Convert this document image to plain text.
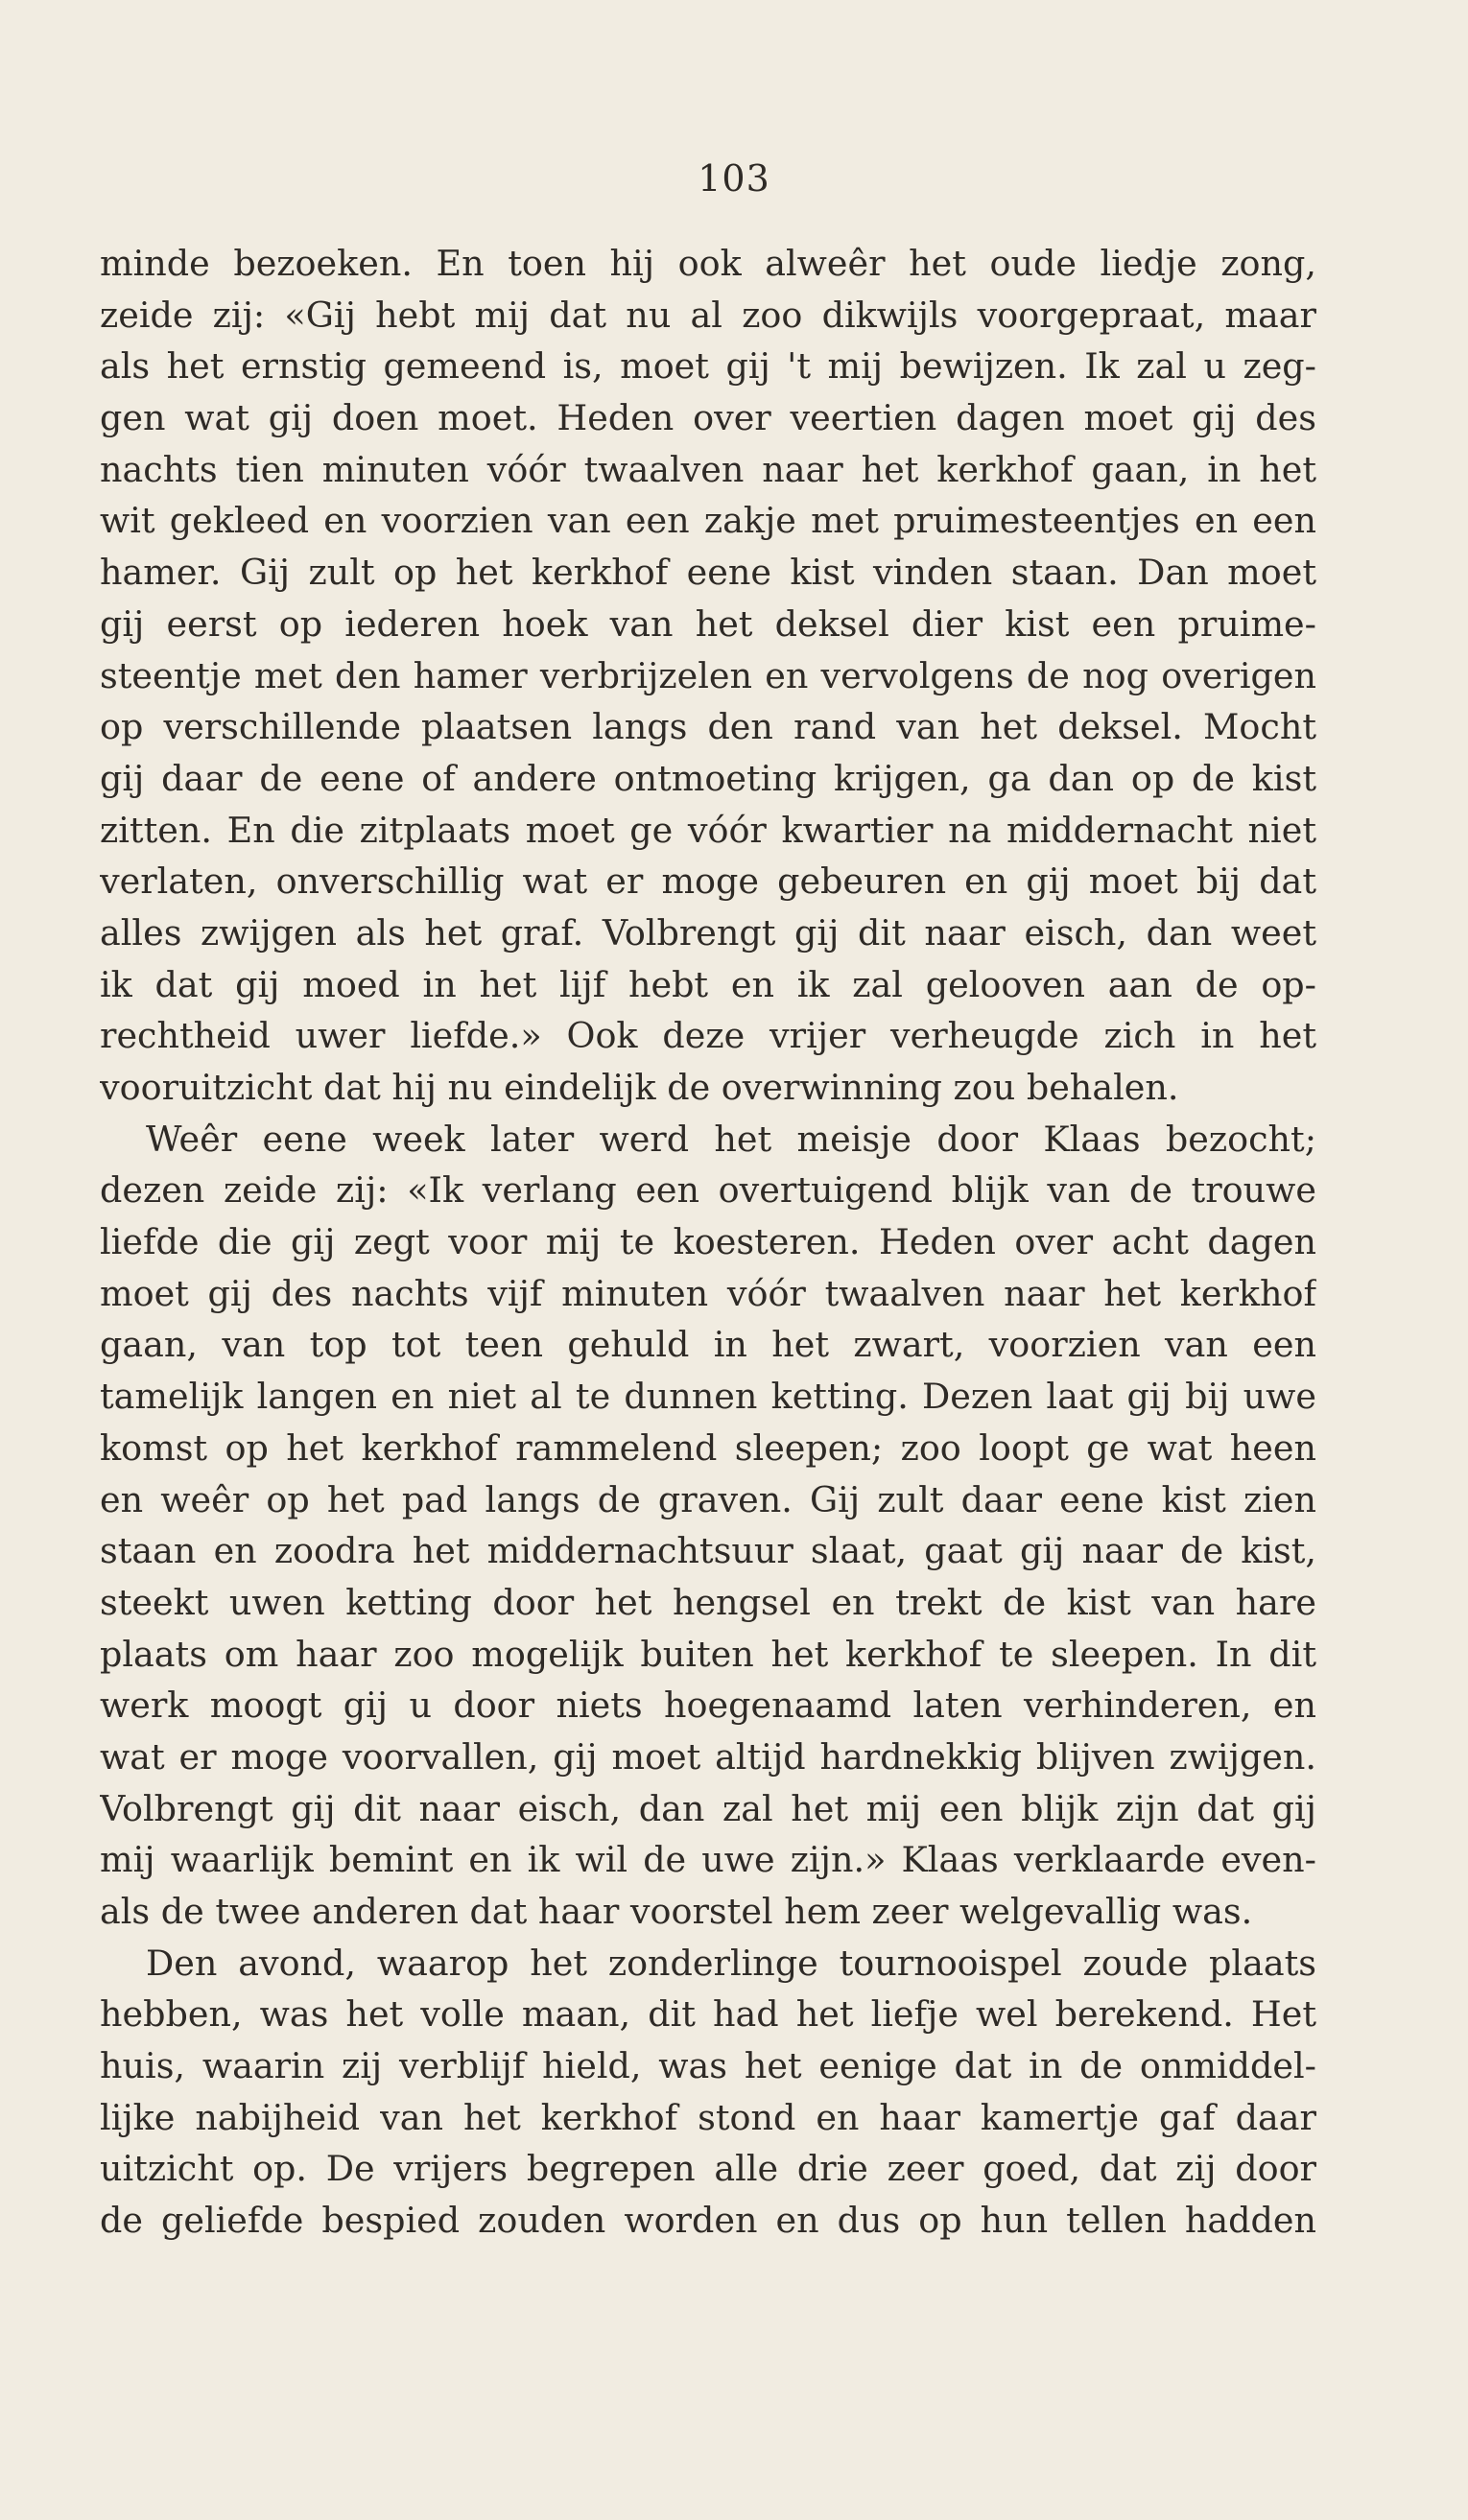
103
minde bezoeken. En toen hij ook alweêr het oude liedje zong,
zeide zij: «Gij hebt mij dat nu al zoo dikwijls voorgepraat, maar
als het ernstig gemeend is, moet gij 't mij bewijzen. Ik zal u zeg-
gen wat gij doen moet. Heden over veertien dagen moet gij des
nachts tien minuten vóór twaalven naar het kerkhof gaan, in het
wit gekleed en voorzien van een zakje met pruimesteentjes en een
hamer. Gij zult op het kerkhof eene kist vinden staan. Dan moet
gij eerst op iederen hoek van het deksel dier kist een pruime-
steentje met den hamer verbrijzelen en vervolgens de nog overigen
op verschillende plaatsen langs den rand van het deksel. Mocht
gij daar de eene of andere ontmoeting krijgen, ga dan op de kist
zitten. En die zitplaats moet ge vóór kwartier na middernacht niet
verlaten, onverschillig wat er moge gebeuren en gij moet bij dat
alles zwijgen als het graf. Volbrengt gij dit naar eisch, dan weet
ik dat gij moed in het lijf hebt en ik zal gelooven aan de op-
rechtheid uwer liefde.» Ook deze vrijer verheugde zich in het
vooruitzicht dat hij nu eindelijk de overwinning zou behalen.
Weêr eene week later werd het meisje door Klaas bezocht;
dezen zeide zij: «Ik verlang een overtuigend blijk van de trouwe
liefde die gij zegt voor mij te koesteren. Heden over acht dagen
moet gij des nachts vijf minuten vóór twaalven naar het kerkhof
gaan, van top tot teen gehuld in het zwart, voorzien van een
tamelijk langen en niet al te dunnen ketting. Dezen laat gij bij uwe
komst op het kerkhof rammelend sleepen; zoo loopt ge wat heen
en weêr op het pad langs de graven. Gij zult daar eene kist zien
staan en zoodra het middernachtsuur slaat, gaat gij naar de kist,
steekt uwen ketting door het hengsel en trekt de kist van hare
plaats om haar zoo mogelijk buiten het kerkhof te sleepen. In dit
werk moogt gij u door niets hoegenaamd laten verhinderen, en
wat er moge voorvallen, gij moet altijd hardnekkig blijven zwijgen.
Volbrengt gij dit naar eisch, dan zal het mij een blijk zijn dat gij
mij waarlijk bemint en ik wil de uwe zijn.» Klaas verklaarde even-
als de twee anderen dat haar voorstel hem zeer welgevallig was.
Den avond, waarop het zonderlinge tournooispel zoude plaats
hebben, was het volle maan, dit had het liefje wel berekend. Het
huis, waarin zij verblijf hield, was het eenige dat in de onmiddel-
lijke nabijheid van het kerkhof stond en haar kamertje gaf daar
uitzicht op. De vrijers begrepen alle drie zeer goed, dat zij door
de geliefde bespied zouden worden en dus op hun tellen hadden
